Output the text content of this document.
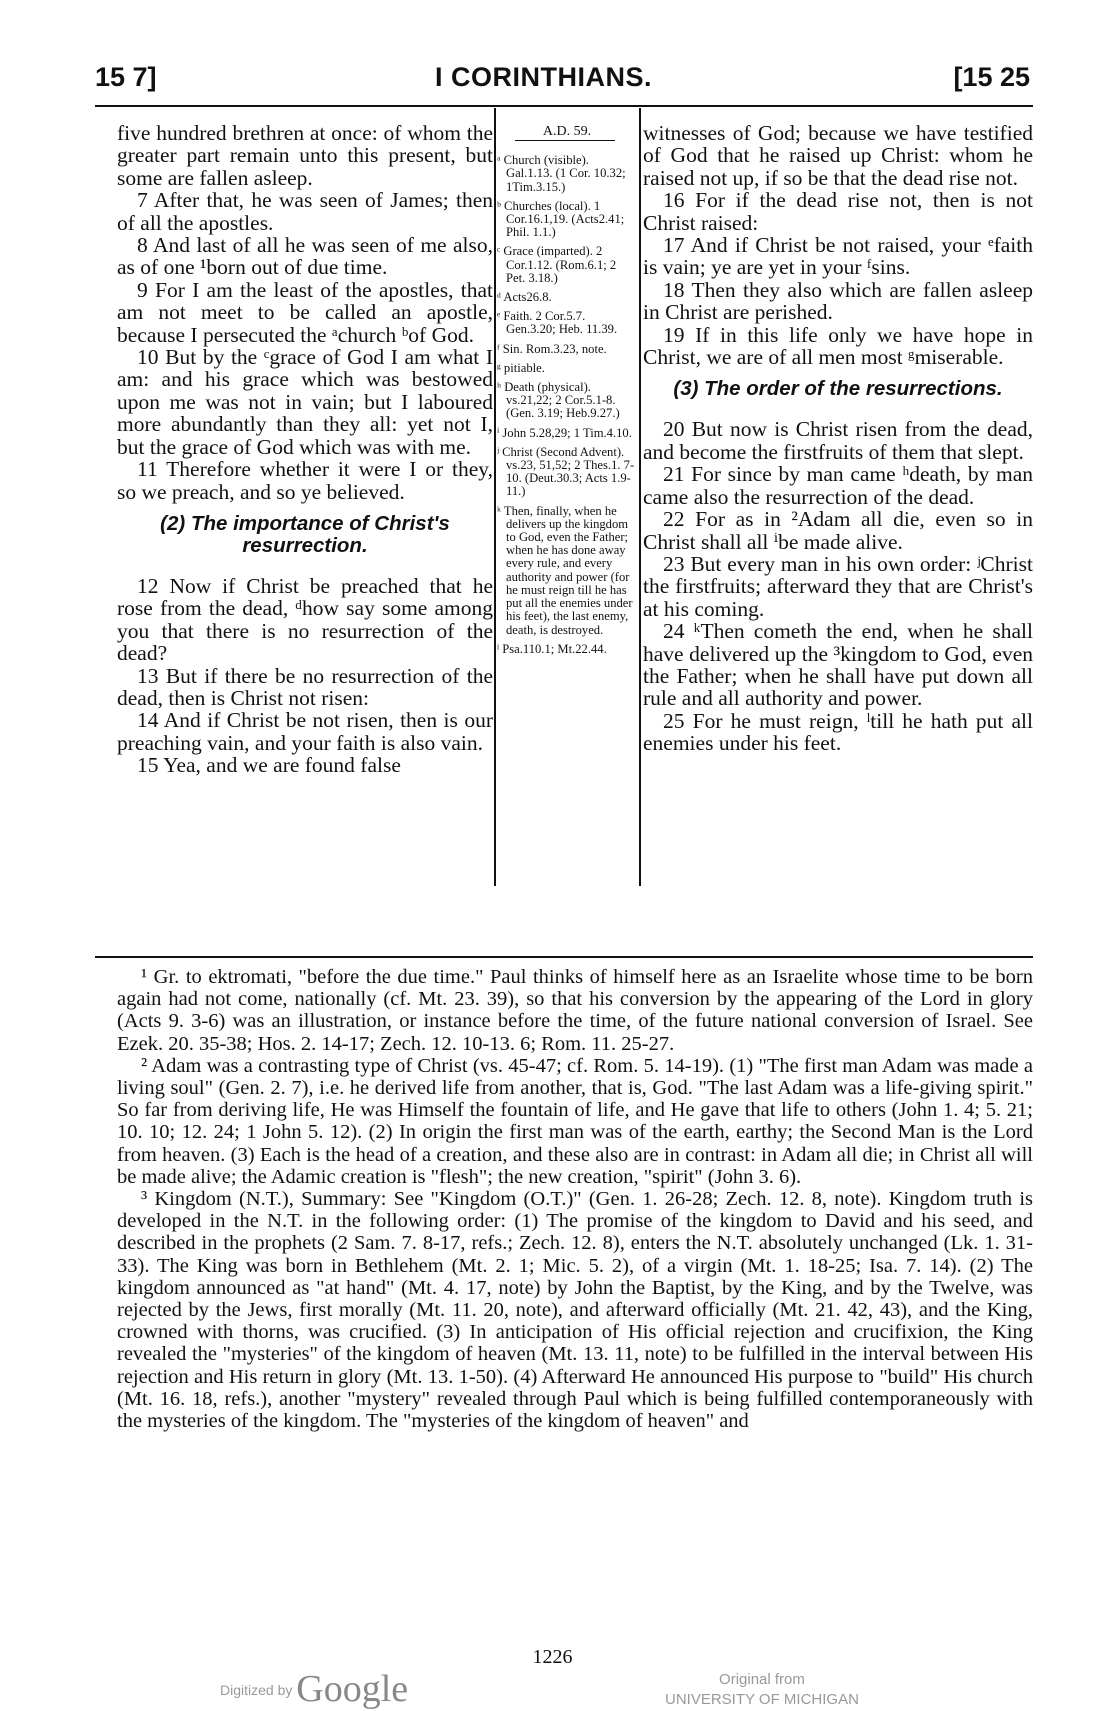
15 7]	I CORINTHIANS.	[15 25

five hundred brethren at once: of whom the greater part remain unto this present, but some are fallen asleep.

7 After that, he was seen of James; then of all the apostles.

8 And last of all he was seen of me also, as of one ¹born out of due time.

9 For I am the least of the apostles, that am not meet to be called an apostle, because I persecuted the ᵃchurch ᵇof God.

10 But by the ᶜgrace of God I am what I am: and his grace which was bestowed upon me was not in vain; but I laboured more abundantly than they all: yet not I, but the grace of God which was with me.

11 Therefore whether it were I or they, so we preach, and so ye believed.

(2) The importance of Christ's resurrection.

12 Now if Christ be preached that he rose from the dead, ᵈhow say some among you that there is no resurrection of the dead?

13 But if there be no resurrection of the dead, then is Christ not risen:

14 And if Christ be not risen, then is our preaching vain, and your faith is also vain.

15 Yea, and we are found false

A.D. 59.
ᵃ Church (visible). Gal.1.13. (1 Cor. 10.32; 1Tim.3.15.)
ᵇ Churches (local). 1 Cor.16.1,19. (Acts2.41; Phil. 1.1.)
ᶜ Grace (imparted). 2 Cor.1.12. (Rom.6.1; 2 Pet. 3.18.)
ᵈ Acts26.8.
ᵉ Faith. 2 Cor.5.7. Gen.3.20; Heb. 11.39.
ᶠ Sin. Rom.3.23, note.
ᵍ pitiable.
ʰ Death (physical). vs.21,22; 2 Cor.5.1-8. (Gen. 3.19; Heb.9.27.)
ⁱ John 5.28,29; 1 Tim.4.10.
ʲ Christ (Second Advent). vs.23, 51,52; 2 Thes.1. 7-10. (Deut.30.3; Acts 1.9-11.)
ᵏ Then, finally, when he delivers up the kingdom to God, even the Father; when he has done away every rule, and every authority and power (for he must reign till he has put all the enemies under his feet), the last enemy, death, is destroyed.
ˡ Psa.110.1; Mt.22.44.

witnesses of God; because we have testified of God that he raised up Christ: whom he raised not up, if so be that the dead rise not.

16 For if the dead rise not, then is not Christ raised:

17 And if Christ be not raised, your ᵉfaith is vain; ye are yet in your ᶠsins.

18 Then they also which are fallen asleep in Christ are perished.

19 If in this life only we have hope in Christ, we are of all men most ᵍmiserable.

(3) The order of the resurrections.

20 But now is Christ risen from the dead, and become the firstfruits of them that slept.

21 For since by man came ʰdeath, by man came also the resurrection of the dead.

22 For as in ²Adam all die, even so in Christ shall all ⁱbe made alive.

23 But every man in his own order: ʲChrist the firstfruits; afterward they that are Christ's at his coming.

24 ᵏThen cometh the end, when he shall have delivered up the ³kingdom to God, even the Father; when he shall have put down all rule and all authority and power.

25 For he must reign, ˡtill he hath put all enemies under his feet.

¹ Gr. to ektromati, "before the due time." Paul thinks of himself here as an Israelite whose time to be born again had not come, nationally (cf. Mt. 23. 39), so that his conversion by the appearing of the Lord in glory (Acts 9. 3-6) was an illustration, or instance before the time, of the future national conversion of Israel. See Ezek. 20. 35-38; Hos. 2. 14-17; Zech. 12. 10-13. 6; Rom. 11. 25-27.

² Adam was a contrasting type of Christ (vs. 45-47; cf. Rom. 5. 14-19). (1) "The first man Adam was made a living soul" (Gen. 2. 7), i.e. he derived life from another, that is, God. "The last Adam was a life-giving spirit." So far from deriving life, He was Himself the fountain of life, and He gave that life to others (John 1. 4; 5. 21; 10. 10; 12. 24; 1 John 5. 12). (2) In origin the first man was of the earth, earthy; the Second Man is the Lord from heaven. (3) Each is the head of a creation, and these also are in contrast: in Adam all die; in Christ all will be made alive; the Adamic creation is "flesh"; the new creation, "spirit" (John 3. 6).

³ Kingdom (N.T.), Summary: See "Kingdom (O.T.)" (Gen. 1. 26-28; Zech. 12. 8, note). Kingdom truth is developed in the N.T. in the following order: (1) The promise of the kingdom to David and his seed, and described in the prophets (2 Sam. 7. 8-17, refs.; Zech. 12. 8), enters the N.T. absolutely unchanged (Lk. 1. 31-33). The King was born in Bethlehem (Mt. 2. 1; Mic. 5. 2), of a virgin (Mt. 1. 18-25; Isa. 7. 14). (2) The kingdom announced as "at hand" (Mt. 4. 17, note) by John the Baptist, by the King, and by the Twelve, was rejected by the Jews, first morally (Mt. 11. 20, note), and afterward officially (Mt. 21. 42, 43), and the King, crowned with thorns, was crucified. (3) In anticipation of His official rejection and crucifixion, the King revealed the "mysteries" of the kingdom of heaven (Mt. 13. 11, note) to be fulfilled in the interval between His rejection and His return in glory (Mt. 13. 1-50). (4) Afterward He announced His purpose to "build" His church (Mt. 16. 18, refs.), another "mystery" revealed through Paul which is being fulfilled contemporaneously with the mysteries of the kingdom. The "mysteries of the kingdom of heaven" and

1226
Digitized by Google	Original from
UNIVERSITY OF MICHIGAN
